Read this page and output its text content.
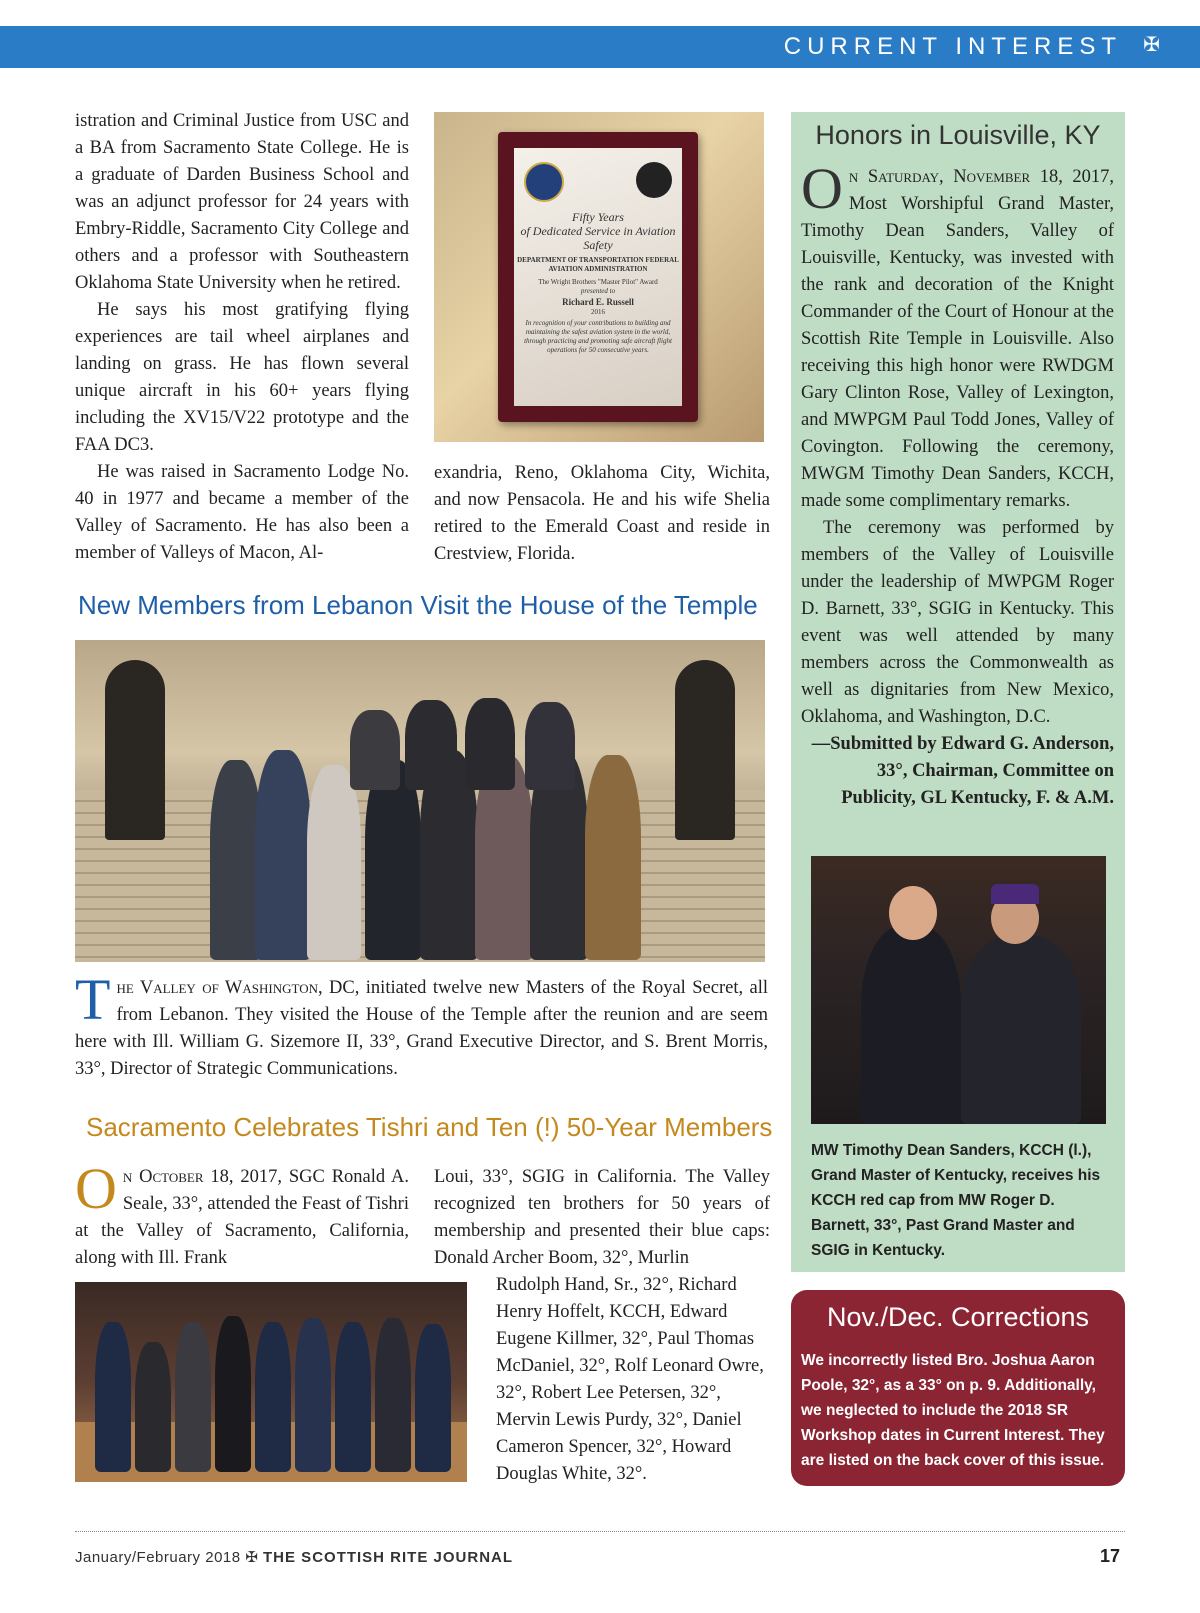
CURRENT INTEREST ✠

istration and Criminal Justice from USC and a BA from Sacramento State College. He is a graduate of Darden Business School and was an adjunct professor for 24 years with Embry-Riddle, Sacramento City College and others and a professor with Southeastern Oklahoma State University when he retired.

He says his most gratifying flying experiences are tail wheel airplanes and landing on grass. He has flown several unique aircraft in his 60+ years flying including the XV15/V22 prototype and the FAA DC3.

He was raised in Sacramento Lodge No. 40 in 1977 and became a member of the Valley of Sacramento. He has also been a member of Valleys of Macon, Al-

Fifty Years
of Dedicated Service in Aviation Safety
DEPARTMENT OF TRANSPORTATION FEDERAL AVIATION ADMINISTRATION
The Wright Brothers "Master Pilot" Award
presented to
Richard E. Russell
2016
In recognition of your contributions to building and maintaining the safest aviation system in the world, through practicing and promoting safe aircraft flight operations for 50 consecutive years.

exandria, Reno, Oklahoma City, Wichita, and now Pensacola. He and his wife Shelia retired to the Emerald Coast and reside in Crestview, Florida.

New Members from Lebanon Visit the House of the Temple
The Valley of Washington, DC, initiated twelve new Masters of the Royal Secret, all from Lebanon. They visited the House of the Temple after the reunion and are seem here with Ill. William G. Sizemore II, 33°, Grand Executive Director, and S. Brent Morris, 33°, Director of Strategic Communications.
Sacramento Celebrates Tishri and Ten (!) 50-Year Members
On October 18, 2017, SGC Ronald A. Seale, 33°, attended the Feast of Tishri at the Valley of Sacramento, California, along with Ill. Frank

Loui, 33°, SGIG in California. The Valley recognized ten brothers for 50 years of membership and presented their blue caps: Donald Archer Boom, 32°, Murlin

Rudolph Hand, Sr., 32°, Richard Henry Hoffelt, KCCH, Edward Eugene Killmer, 32°, Paul Thomas McDaniel, 32°, Rolf Leonard Owre, 32°, Robert Lee Petersen, 32°, Mervin Lewis Purdy, 32°, Daniel Cameron Spencer, 32°, Howard Douglas White, 32°.

Honors in Louisville, KY

On Saturday, November 18, 2017, Most Worshipful Grand Master, Timothy Dean Sanders, Valley of Louisville, Kentucky, was invested with the rank and decoration of the Knight Commander of the Court of Honour at the Scottish Rite Temple in Louisville. Also receiving this high honor were RWDGM Gary Clinton Rose, Valley of Lexington, and MWPGM Paul Todd Jones, Valley of Covington. Following the ceremony, MWGM Timothy Dean Sanders, KCCH, made some complimentary remarks.

The ceremony was performed by members of the Valley of Louisville under the leadership of MWPGM Roger D. Barnett, 33°, SGIG in Kentucky. This event was well attended by many members across the Commonwealth as well as dignitaries from New Mexico, Oklahoma, and Washington, D.C.

—Submitted by Edward G. Anderson, 33°, Chairman, Committee on Publicity, GL Kentucky, F. & A.M.
MW Timothy Dean Sanders, KCCH (l.), Grand Master of Kentucky, receives his KCCH red cap from MW Roger D. Barnett, 33°, Past Grand Master and SGIG in Kentucky.
Nov./Dec. Corrections
We incorrectly listed Bro. Joshua Aaron Poole, 32°, as a 33° on p. 9. Additionally, we neglected to include the 2018 SR Workshop dates in Current Interest. They are listed on the back cover of this issue.
January/February 2018 ✠ THE SCOTTISH RITE JOURNAL	17
